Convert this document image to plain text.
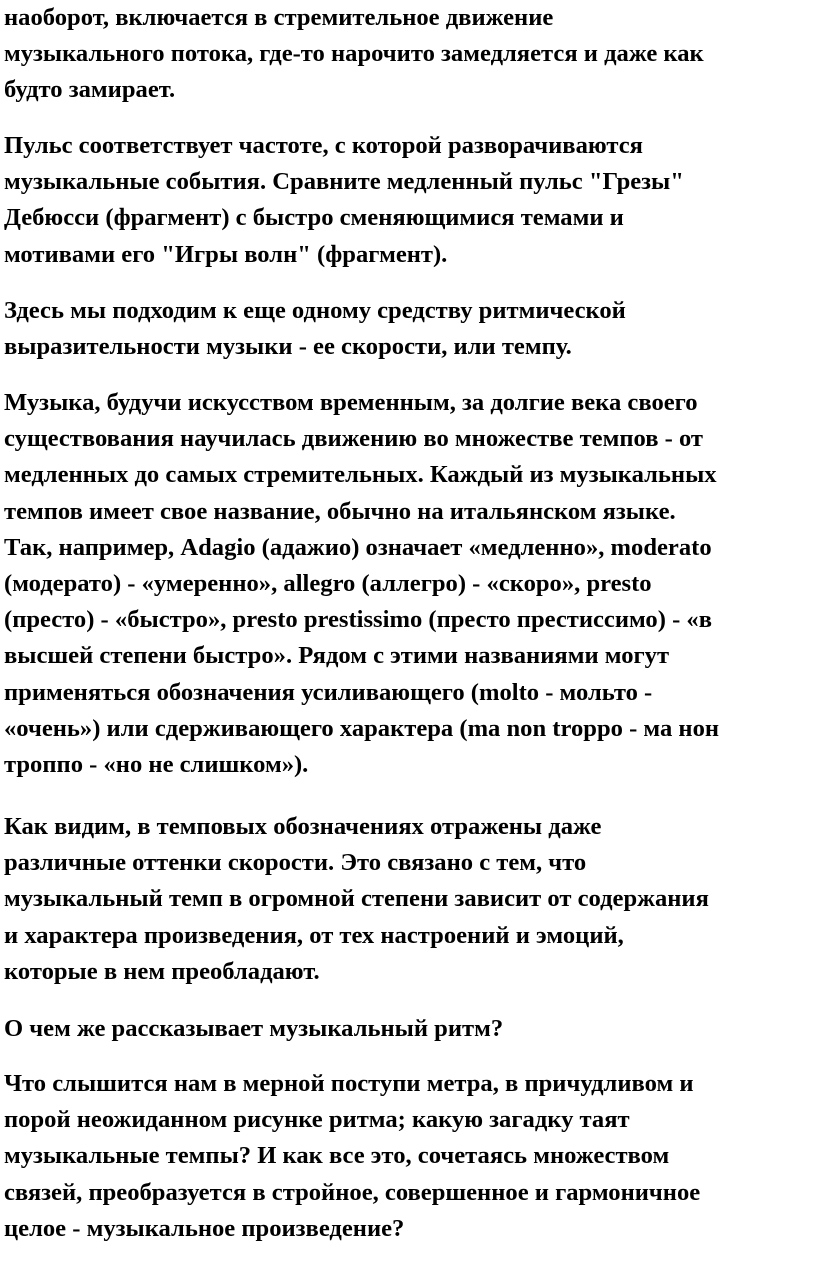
наоборот, включается в стремительное движение
музыкального потока, где-то нарочито замедляется и даже как
будто замирает.

Пульс соответствует частоте, с которой разворачиваются
музыкальные события. Сравните медленный пульс "Грезы"
Дебюсси (фрагмент) с быстро сменяющимися темами и
мотивами его "Игры волн" (фрагмент).

Здесь мы подходим к еще одному средству ритмической
выразительности музыки - ее скорости, или темпу.

Музыка, будучи искусством временным, за долгие века своего
существования научилась движению во множестве темпов - от
медленных до самых стремительных. Каждый из музыкальных
темпов имеет свое название, обычно на итальянском языке.
Так, например, Adagio (адажио) означает «медленно», moderato
(модерато) - «умеренно», allegro (аллегро) - «скоро», presto
(престо) - «быстро», presto prestissimo (престо престиссимо) - «в
высшей степени быстро». Рядом с этими названиями могут
применяться обозначения усиливающего (molto - мольто -
«очень») или сдерживающего характера (ma non troppo - ма нон
троппо - «но не слишком»).

Как видим, в темповых обозначениях отражены даже
различные оттенки скорости. Это связано с тем, что
музыкальный темп в огромной степени зависит от содержания
и характера произведения, от тех настроений и эмоций,
которые в нем преобладают.

О чем же рассказывает музыкальный ритм?

Что слышится нам в мерной поступи метра, в причудливом и
порой неожиданном рисунке ритма; какую загадку таят
музыкальные темпы? И как все это, сочетаясь множеством
связей, преобразуется в стройное, совершенное и гармоничное
целое - музыкальное произведение?
